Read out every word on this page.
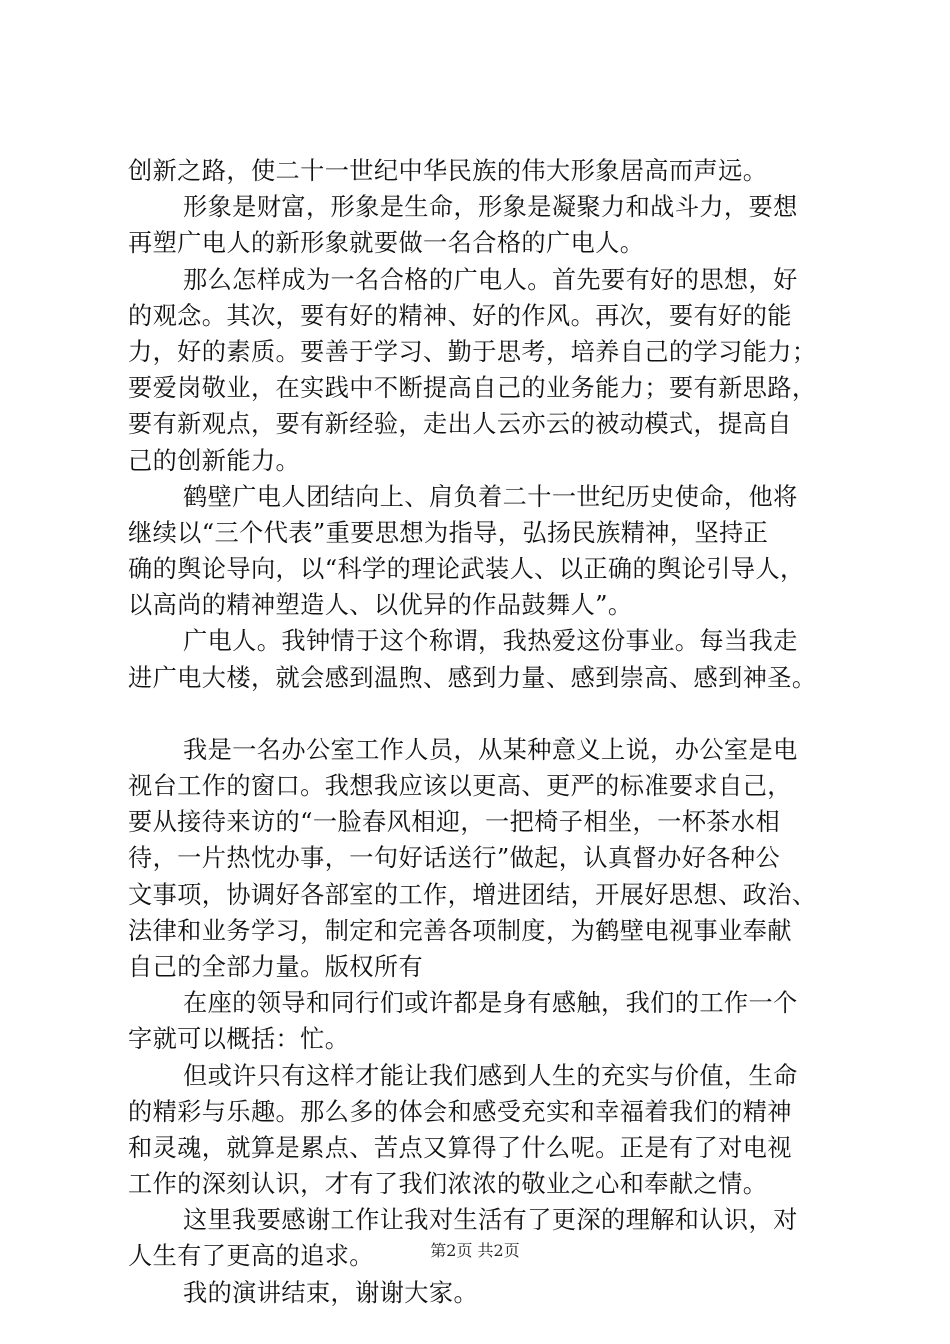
创新之路，使二十一世纪中华民族的伟大形象居高而声远。
形象是财富，形象是生命，形象是凝聚力和战斗力，要想
再塑广电人的新形象就要做一名合格的广电人。
那么怎样成为一名合格的广电人。首先要有好的思想，好
的观念。其次，要有好的精神、好的作风。再次，要有好的能
力，好的素质。要善于学习、勤于思考，培养自己的学习能力；
要爱岗敬业，在实践中不断提高自己的业务能力；要有新思路，
要有新观点，要有新经验，走出人云亦云的被动模式，提高自
己的创新能力。
鹤壁广电人团结向上、肩负着二十一世纪历史使命，他将
继续以“三个代表”重要思想为指导，弘扬民族精神，坚持正
确的舆论导向，以“科学的理论武装人、以正确的舆论引导人，
以高尚的精神塑造人、以优异的作品鼓舞人”。
广电人。我钟情于这个称谓，我热爱这份事业。每当我走
进广电大楼，就会感到温煦、感到力量、感到崇高、感到神圣。
我是一名办公室工作人员，从某种意义上说，办公室是电
视台工作的窗口。我想我应该以更高、更严的标准要求自己，
要从接待来访的“一脸春风相迎，一把椅子相坐，一杯茶水相
待，一片热忱办事，一句好话送行”做起，认真督办好各种公
文事项，协调好各部室的工作，增进团结，开展好思想、政治、
法律和业务学习，制定和完善各项制度，为鹤壁电视事业奉献
自己的全部力量。版权所有
在座的领导和同行们或许都是身有感触，我们的工作一个
字就可以概括：忙。
但或许只有这样才能让我们感到人生的充实与价值，生命
的精彩与乐趣。那么多的体会和感受充实和幸福着我们的精神
和灵魂，就算是累点、苦点又算得了什么呢。正是有了对电视
工作的深刻认识，才有了我们浓浓的敬业之心和奉献之情。
这里我要感谢工作让我对生活有了更深的理解和认识，对
人生有了更高的追求。
我的演讲结束，谢谢大家。
第2页 共2页
